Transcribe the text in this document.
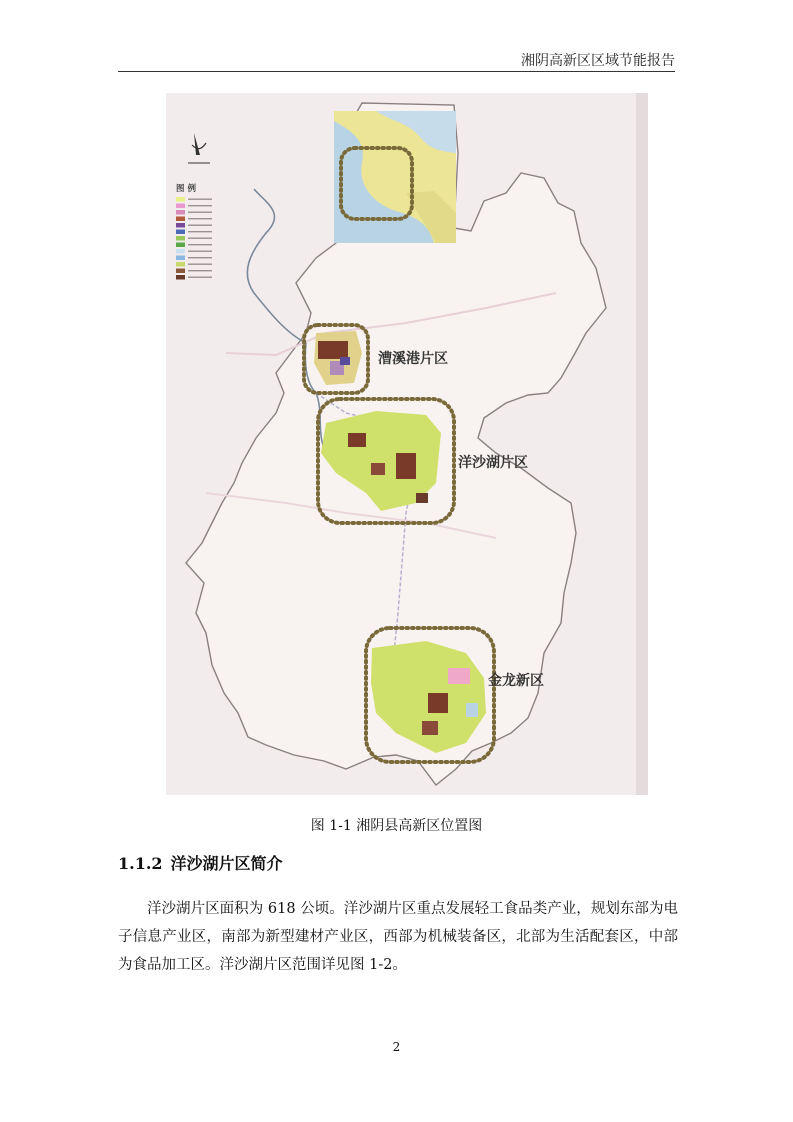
湘阴高新区区域节能报告
图 例
漕溪港片区
洋沙湖片区
金龙新区
图 1-1 湘阴县高新区位置图
1.1.2 洋沙湖片区简介
洋沙湖片区面积为 618 公顷。洋沙湖片区重点发展轻工食品类产业，规划东部为电子信息产业区，南部为新型建材产业区，西部为机械装备区，北部为生活配套区，中部为食品加工区。洋沙湖片区范围详见图 1-2。
2
